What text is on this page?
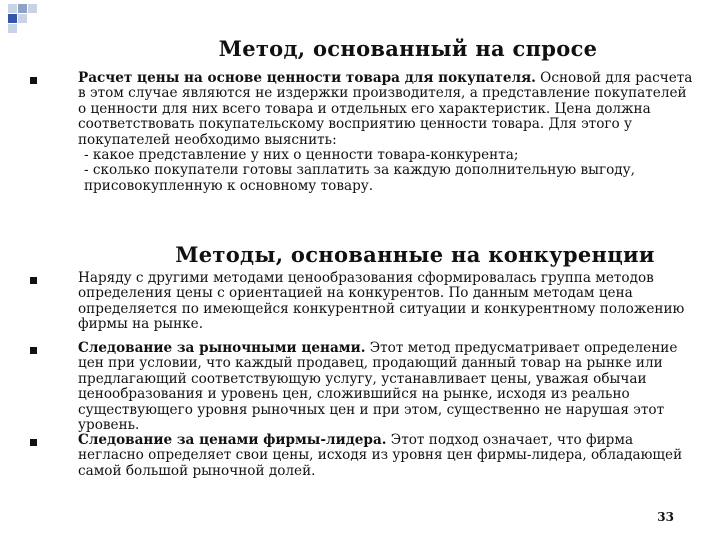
Метод, основанный на спросе
Расчет цены на основе ценности товара для покупателя. Основой для расчета в этом случае являются не издержки производителя, а представление покупателей о ценности для них всего товара и отдельных его характеристик. Цена должна соответствовать покупательскому восприятию ценности товара. Для этого у покупателей необходимо выяснить:
- какое представление у них о ценности товара-конкурента;
- сколько покупатели готовы заплатить за каждую дополнительную выгоду, присовокупленную к основному товару.
Методы, основанные на конкуренции
Наряду с другими методами ценообразования сформировалась группа методов определения цены с ориентацией на конкурентов. По данным методам цена определяется по имеющейся конкурентной ситуации и конкурентному положению фирмы на рынке.
Следование за рыночными ценами. Этот метод предусматривает определение цен при условии, что каждый продавец, продающий данный товар на рынке или предлагающий соответствующую услугу, устанавливает цены, уважая обычаи ценообразования и уровень цен, сложившийся на рынке, исходя из реально существующего уровня рыночных цен и при этом, существенно не нарушая этот уровень.
Следование за ценами фирмы-лидера. Этот подход означает, что фирма негласно определяет свои цены, исходя из уровня цен фирмы-лидера, обладающей самой большой рыночной долей.
33
